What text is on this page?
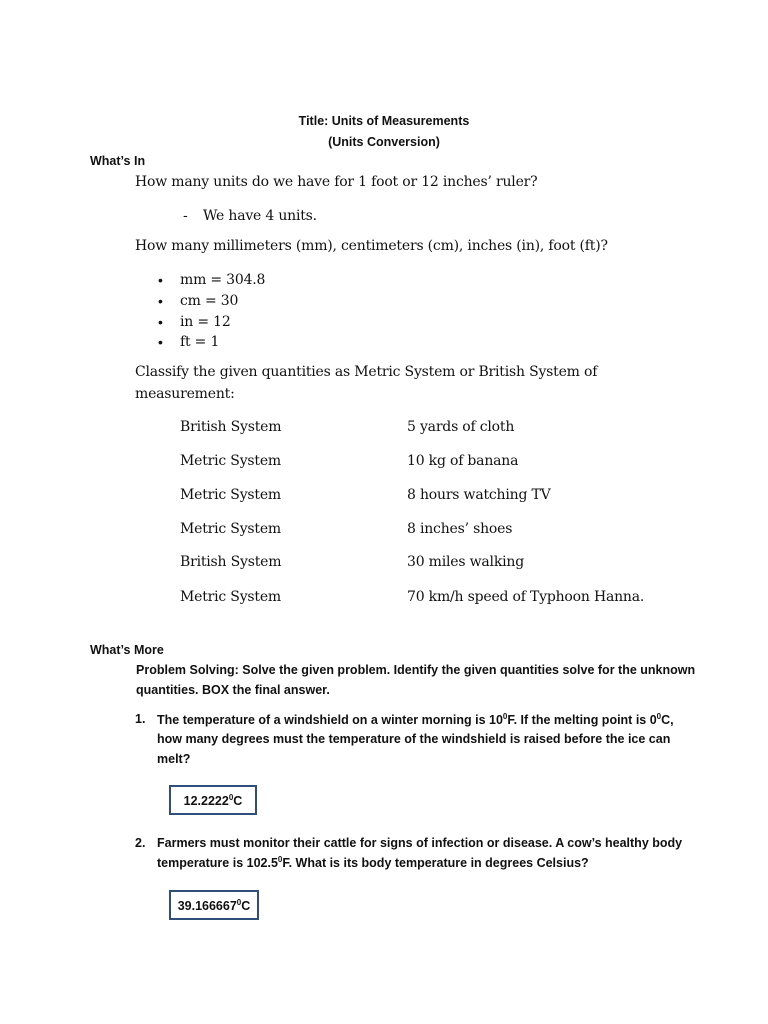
Title: Units of Measurements
(Units Conversion)
What’s In
How many units do we have for 1 foot or 12 inches’ ruler?
- We have 4 units.
How many millimeters (mm), centimeters (cm), inches (in), foot (ft)?
• mm = 304.8
• cm = 30
• in = 12
• ft = 1
Classify the given quantities as Metric System or British System of
measurement:
British System	5 yards of cloth
Metric System	10 kg of banana
Metric System	8 hours watching TV
Metric System	8 inches’ shoes
British System	30 miles walking
Metric System	70 km/h speed of Typhoon Hanna.
What’s More
Problem Solving: Solve the given problem. Identify the given quantities solve for the unknown
quantities. BOX the final answer.
1. The temperature of a windshield on a winter morning is $10^0F$. If the melting point is $0^0C$,
how many degrees must the temperature of the windshield is raised before the ice can
melt?
12.2222$^0$C
2. Farmers must monitor their cattle for signs of infection or disease. A cow’s healthy body
temperature is 102.5$^0$F. What is its body temperature in degrees Celsius?
39.166667$^0$C
